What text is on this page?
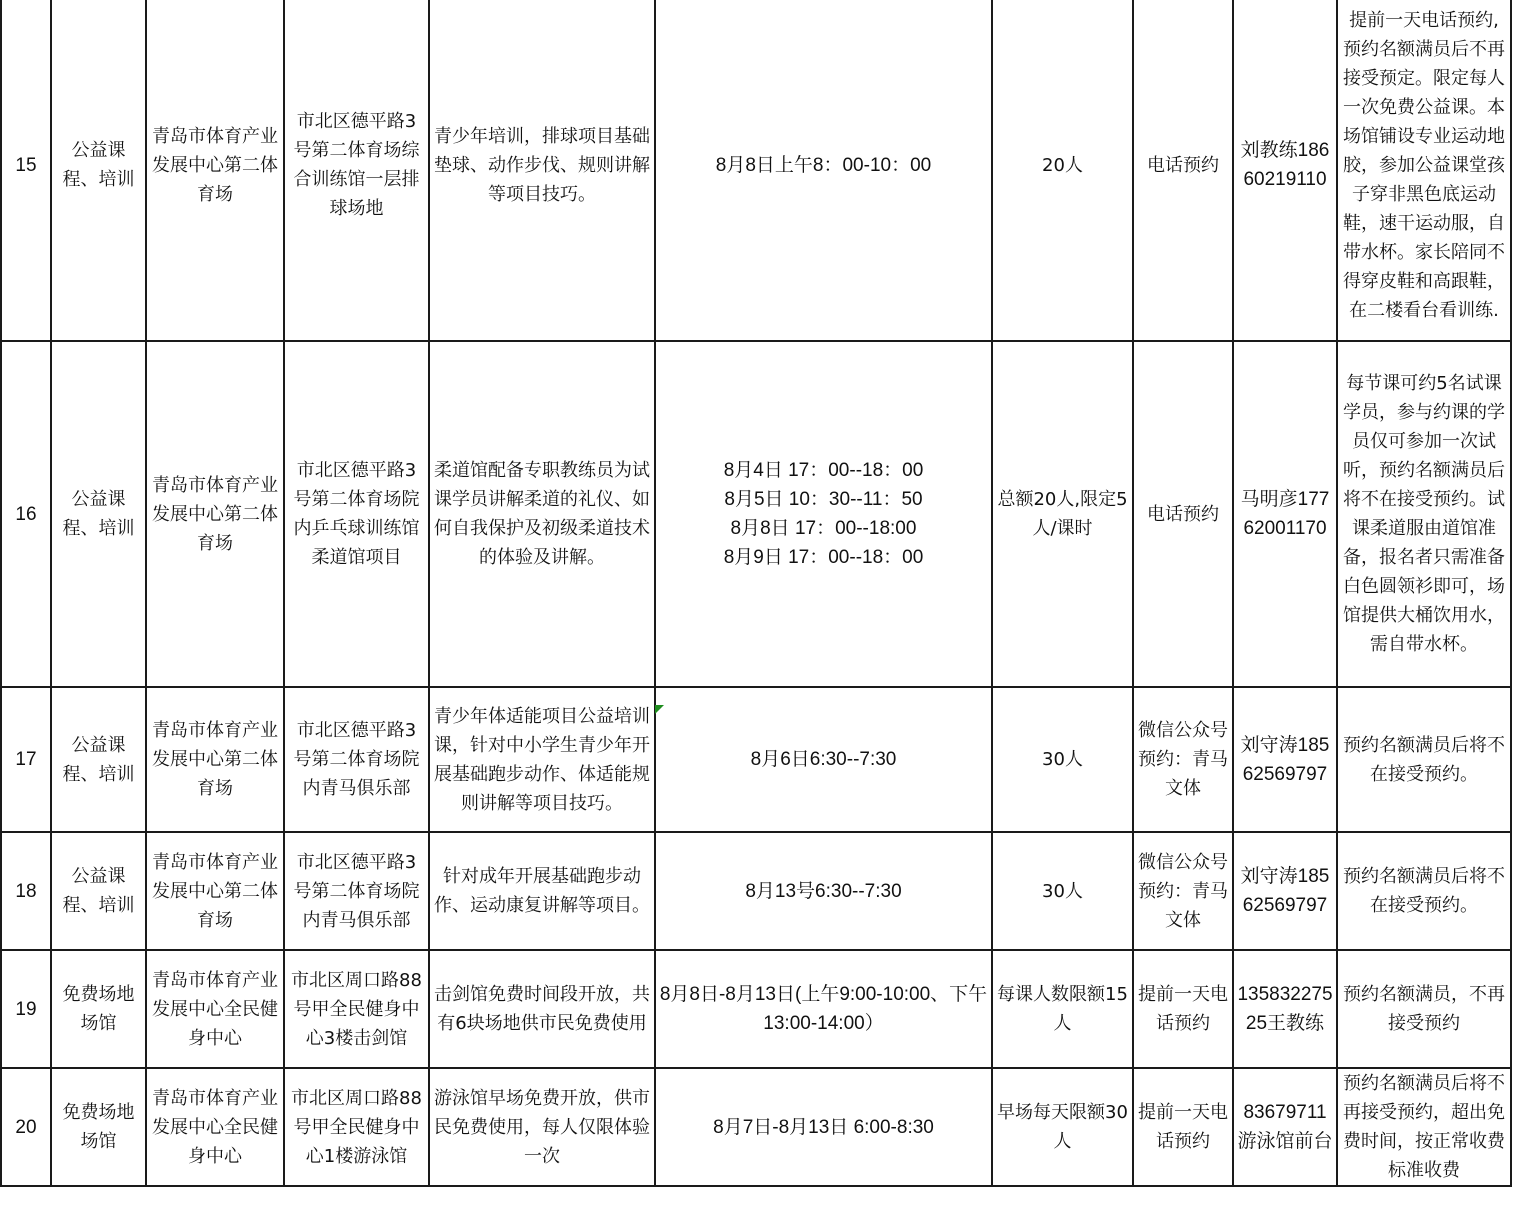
15	公益课程、培训	青岛市体育产业发展中心第二体育场	市北区德平路3号第二体育场综合训练馆一层排球场地	青少年培训，排球项目基础垫球、动作步伐、规则讲解等项目技巧。	8月8日上午8：00-10：00	20人	电话预约	刘教练18660219110	提前一天电话预约,预约名额满员后不再接受预定。限定每人一次免费公益课。本场馆铺设专业运动地胶，参加公益课堂孩子穿非黑色底运动鞋，速干运动服，自带水杯。家长陪同不得穿皮鞋和高跟鞋，在二楼看台看训练.
16	公益课程、培训	青岛市体育产业发展中心第二体育场	市北区德平路3号第二体育场院内乒乓球训练馆柔道馆项目	柔道馆配备专职教练员为试课学员讲解柔道的礼仪、如何自我保护及初级柔道技术的体验及讲解。	8月4日 17：00--18：00
8月5日 10：30--11：50
8月8日 17：00--18:00
8月9日 17：00--18：00	总额20人,限定5人/课时	电话预约	马明彦17762001170	每节课可约5名试课学员，参与约课的学员仅可参加一次试听，预约名额满员后将不在接受预约。试课柔道服由道馆准备，报名者只需准备白色圆领衫即可，场馆提供大桶饮用水，需自带水杯。
17	公益课程、培训	青岛市体育产业发展中心第二体育场	市北区德平路3号第二体育场院内青马俱乐部	青少年体适能项目公益培训课，针对中小学生青少年开展基础跑步动作、体适能规则讲解等项目技巧。	8月6日6:30--7:30	30人	微信公众号预约：青马文体	刘守涛18562569797	预约名额满员后将不在接受预约。
18	公益课程、培训	青岛市体育产业发展中心第二体育场	市北区德平路3号第二体育场院内青马俱乐部	针对成年开展基础跑步动作、运动康复讲解等项目。	8月13号6:30--7:30	30人	微信公众号预约：青马文体	刘守涛18562569797	预约名额满员后将不在接受预约。
19	免费场地场馆	青岛市体育产业发展中心全民健身中心	市北区周口路88号甲全民健身中心3楼击剑馆	击剑馆免费时间段开放，共有6块场地供市民免费使用	8月8日-8月13日(上午9:00-10:00、下午13:00-14:00）	每课人数限额15人	提前一天电话预约	13583227525王教练	预约名额满员，不再接受预约
20	免费场地场馆	青岛市体育产业发展中心全民健身中心	市北区周口路88号甲全民健身中心1楼游泳馆	游泳馆早场免费开放，供市民免费使用，每人仅限体验一次	8月7日-8月13日 6:00-8:30	早场每天限额30人	提前一天电话预约	83679711游泳馆前台	预约名额满员后将不再接受预约，超出免费时间，按正常收费标准收费
